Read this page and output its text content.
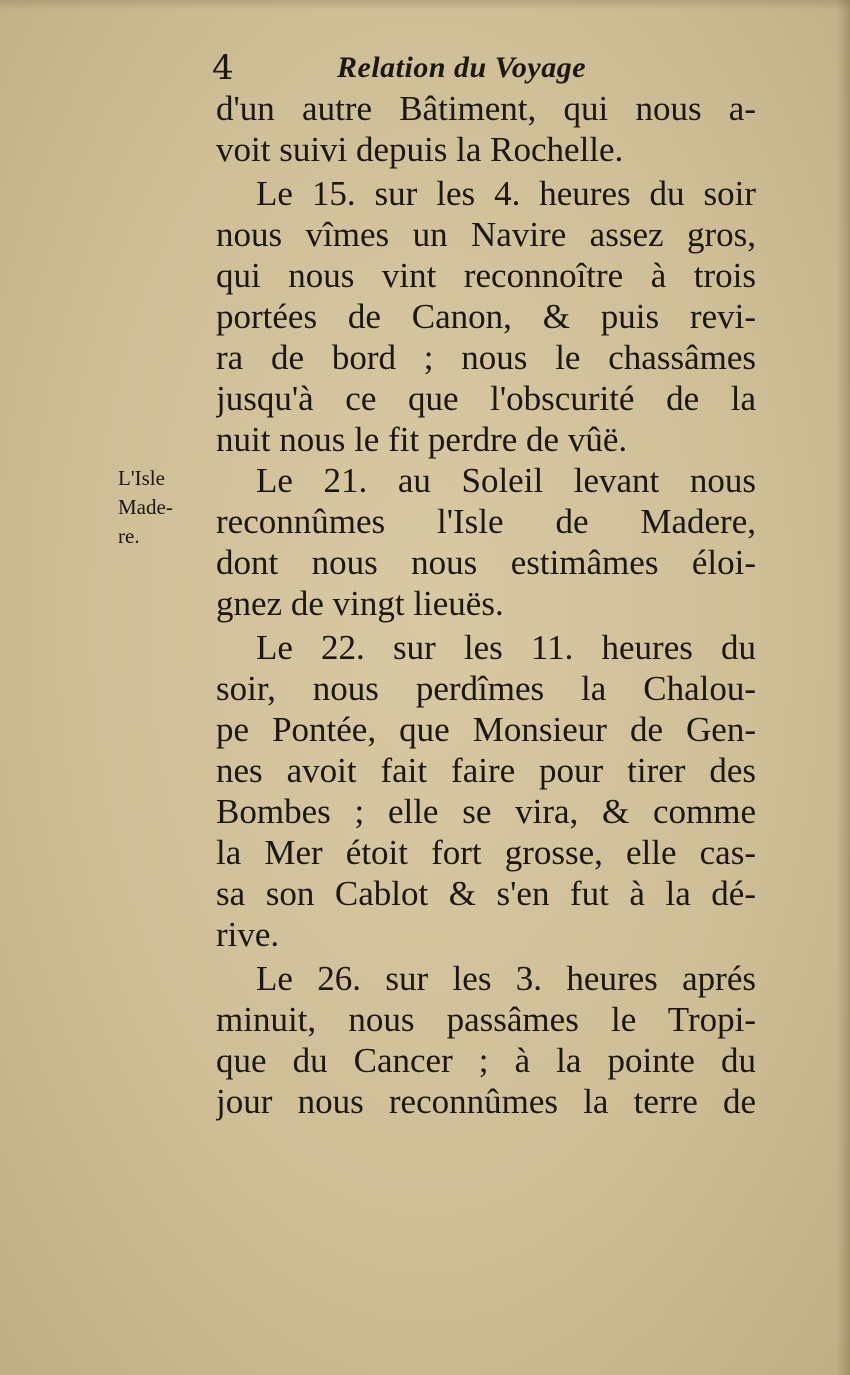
4	Relation du Voyage
L'Isle
Made-
re.
d'un autre Bâtiment, qui nous a-
voit suivi depuis la Rochelle.
Le 15. sur les 4. heures du soir
nous vîmes un Navire assez gros,
qui nous vint reconnoître à trois
portées de Canon, & puis revi-
ra de bord ; nous le chassâmes
jusqu'à ce que l'obscurité de la
nuit nous le fit perdre de vûë.
Le 21. au Soleil levant nous
reconnûmes l'Isle de Madere,
dont nous nous estimâmes éloi-
gnez de vingt lieuës.
Le 22. sur les 11. heures du
soir, nous perdîmes la Chalou-
pe Pontée, que Monsieur de Gen-
nes avoit fait faire pour tirer des
Bombes ; elle se vira, & comme
la Mer étoit fort grosse, elle cas-
sa son Cablot & s'en fut à la dé-
rive.
Le 26. sur les 3. heures aprés
minuit, nous passâmes le Tropi-
que du Cancer ; à la pointe du
jour nous reconnûmes la terre de
